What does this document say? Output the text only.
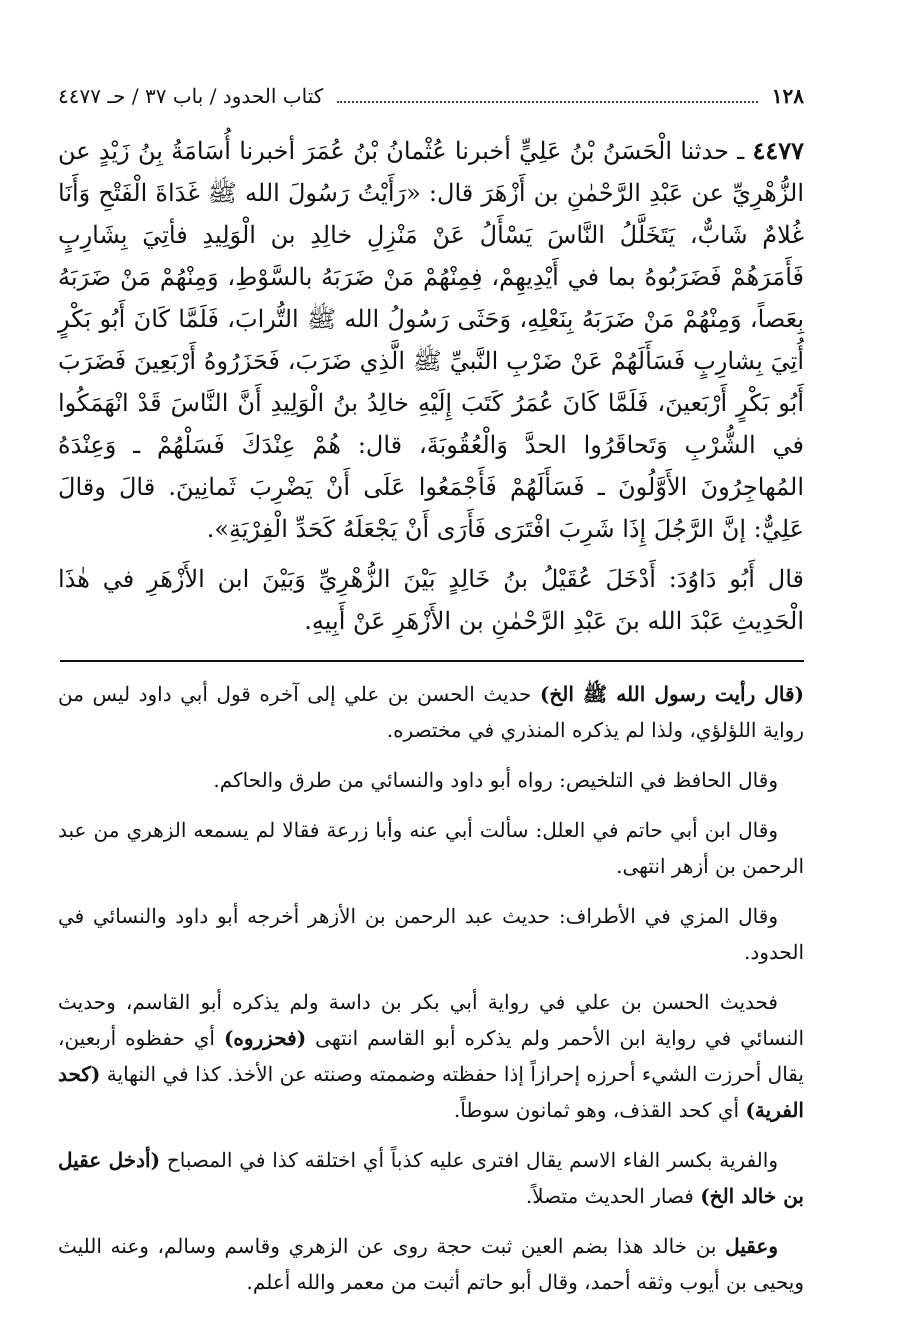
١٢٨
كتاب الحدود / باب ٣٧ / حـ ٤٤٧٧

٤٤٧٧ ـ حدثنا الْحَسَنُ بْنُ عَلِيٍّ أخبرنا عُثْمانُ بْنُ عُمَرَ أخبرنا أُسَامَةُ بِنُ زَيْدٍ عن الزُّهْرِيِّ عن عَبْدِ الرَّحْمٰنِ بن أَزْهَرَ قال: «رَأَيْتُ رَسُولَ الله ﷺ غَدَاةَ الْفَتْحِ وَأَنَا غُلامٌ شَابٌّ، يَتَخَلَّلُ النَّاسَ يَسْأَلُ عَنْ مَنْزِلِ خالِدِ بن الْوَلِيدِ فأتِيَ بِشَارِبٍ فَأَمَرَهُمْ فَضَرَبُوهُ بما في أَيْدِيهِمْ، فِمِنْهُمْ مَنْ ضَرَبَهُ بالسَّوْطِ، وَمِنْهُمْ مَنْ ضَرَبَهُ بِعَصاً، وَمِنْهُمْ مَنْ ضَرَبَهُ بِنَعْلِهِ، وَحَثَى رَسُولُ الله ﷺ التُّرابَ، فَلَمَّا كَانَ أَبُو بَكْرٍ أُتِيَ بِشارِبٍ فَسَأَلَهُمْ عَنْ ضَرْبِ النَّبيِّ ﷺ الَّذِي ضَرَبَ، فَحَزَرُوهُ أَرْبَعِينَ فَضَرَبَ أَبُو بَكْرٍ أَرْبَعينَ، فَلَمَّا كَانَ عُمَرُ كَتَبَ إِلَيْهِ خالِدُ بنُ الْوَلِيدِ أَنَّ النَّاسَ قَدْ انْهَمَكُوا في الشُّرْبِ وَتَحاقَرُوا الحدَّ وَالْعُقُوبَةَ، قال: هُمْ عِنْدَكَ فَسَلْهُمْ ـ وَعِنْدَهُ المُهاجِرُونَ الأَوَّلُونَ ـ فَسَأَلَهُمْ فَأَجْمَعُوا عَلَى أَنْ يَضْرِبَ ثَمانِينَ. قالَ وقالَ عَلِيٌّ: إنَّ الرَّجُلَ إِذَا شَرِبَ افْتَرَى فَأَرَى أَنْ يَجْعَلَهُ كَحَدِّ الْفِرْيَةِ».

قال أَبُو دَاوُدَ: أَدْخَلَ عُقَيْلُ بنُ خَالِدٍ بَيْنَ الزُّهْرِيِّ وَبَيْنَ ابن الأَزْهَرِ في هٰذَا الْحَدِيثِ عَبْدَ الله بنَ عَبْدِ الرَّحْمٰنِ بن الأَزْهَرِ عَنْ أَبِيهِ.

(قال رأيت رسول الله ﷺ الخ) حديث الحسن بن علي إلى آخره قول أبي داود ليس من رواية اللؤلؤي، ولذا لم يذكره المنذري في مختصره.

وقال الحافظ في التلخيص: رواه أبو داود والنسائي من طرق والحاكم.

وقال ابن أبي حاتم في العلل: سألت أبي عنه وأبا زرعة فقالا لم يسمعه الزهري من عبد الرحمن بن أزهر انتهى.

وقال المزي في الأطراف: حديث عبد الرحمن بن الأزهر أخرجه أبو داود والنسائي في الحدود.

فحديث الحسن بن علي في رواية أبي بكر بن داسة ولم يذكره أبو القاسم، وحديث النسائي في رواية ابن الأحمر ولم يذكره أبو القاسم انتهى (فحزروه) أي حفظوه أربعين، يقال أحرزت الشيء أحرزه إحرازاً إذا حفظته وضممته وصنته عن الأخذ. كذا في النهاية (كحد الفرية) أي كحد القذف، وهو ثمانون سوطاً.

والفرية بكسر الفاء الاسم يقال افترى عليه كذباً أي اختلقه كذا في المصباح (أدخل عقيل بن خالد الخ) فصار الحديث متصلاً.

وعقيل بن خالد هذا بضم العين ثبت حجة روى عن الزهري وقاسم وسالم، وعنه الليث ويحيى بن أيوب وثقه أحمد، وقال أبو حاتم أثبت من معمر والله أعلم.
